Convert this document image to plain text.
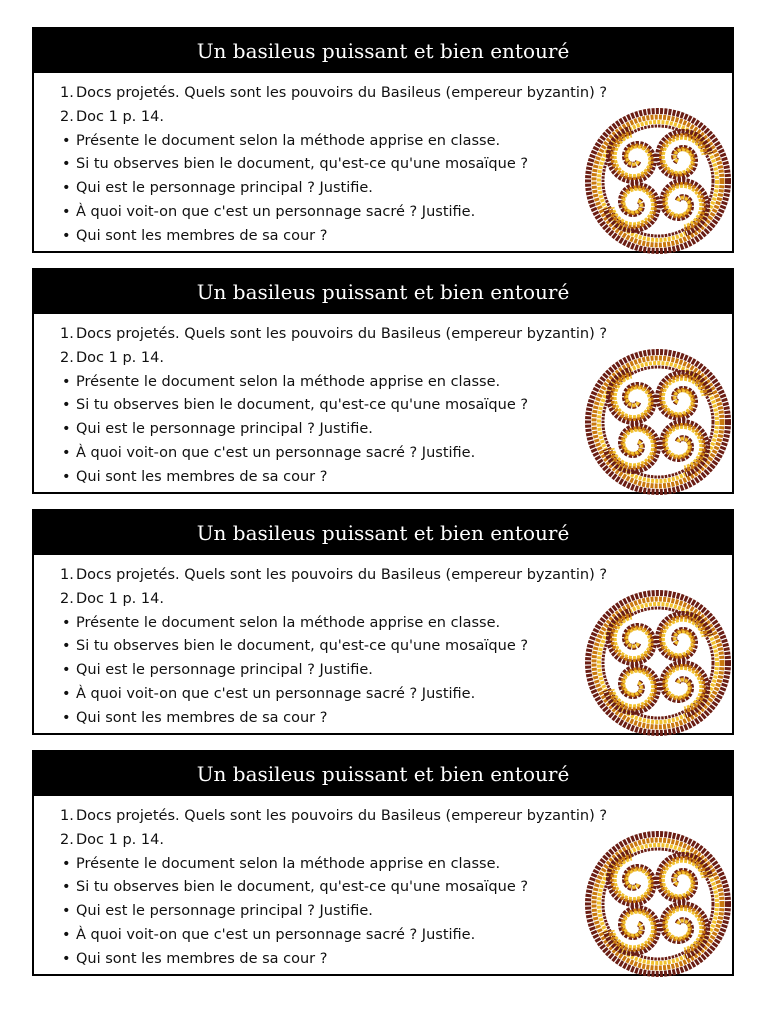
Un basileus puissant et bien entouré
1. Docs projetés. Quels sont les pouvoirs du Basileus (empereur byzantin) ?
2. Doc 1 p. 14.
• Présente le document selon la méthode apprise en classe.
• Si tu observes bien le document, qu'est-ce qu'une mosaïque ?
• Qui est le personnage principal ? Justifie.
• À quoi voit-on que c'est un personnage sacré ? Justifie.
• Qui sont les membres de sa cour ?
Un basileus puissant et bien entouré
1. Docs projetés. Quels sont les pouvoirs du Basileus (empereur byzantin) ?
2. Doc 1 p. 14.
• Présente le document selon la méthode apprise en classe.
• Si tu observes bien le document, qu'est-ce qu'une mosaïque ?
• Qui est le personnage principal ? Justifie.
• À quoi voit-on que c'est un personnage sacré ? Justifie.
• Qui sont les membres de sa cour ?
Un basileus puissant et bien entouré
1. Docs projetés. Quels sont les pouvoirs du Basileus (empereur byzantin) ?
2. Doc 1 p. 14.
• Présente le document selon la méthode apprise en classe.
• Si tu observes bien le document, qu'est-ce qu'une mosaïque ?
• Qui est le personnage principal ? Justifie.
• À quoi voit-on que c'est un personnage sacré ? Justifie.
• Qui sont les membres de sa cour ?
Un basileus puissant et bien entouré
1. Docs projetés. Quels sont les pouvoirs du Basileus (empereur byzantin) ?
2. Doc 1 p. 14.
• Présente le document selon la méthode apprise en classe.
• Si tu observes bien le document, qu'est-ce qu'une mosaïque ?
• Qui est le personnage principal ? Justifie.
• À quoi voit-on que c'est un personnage sacré ? Justifie.
• Qui sont les membres de sa cour ?
